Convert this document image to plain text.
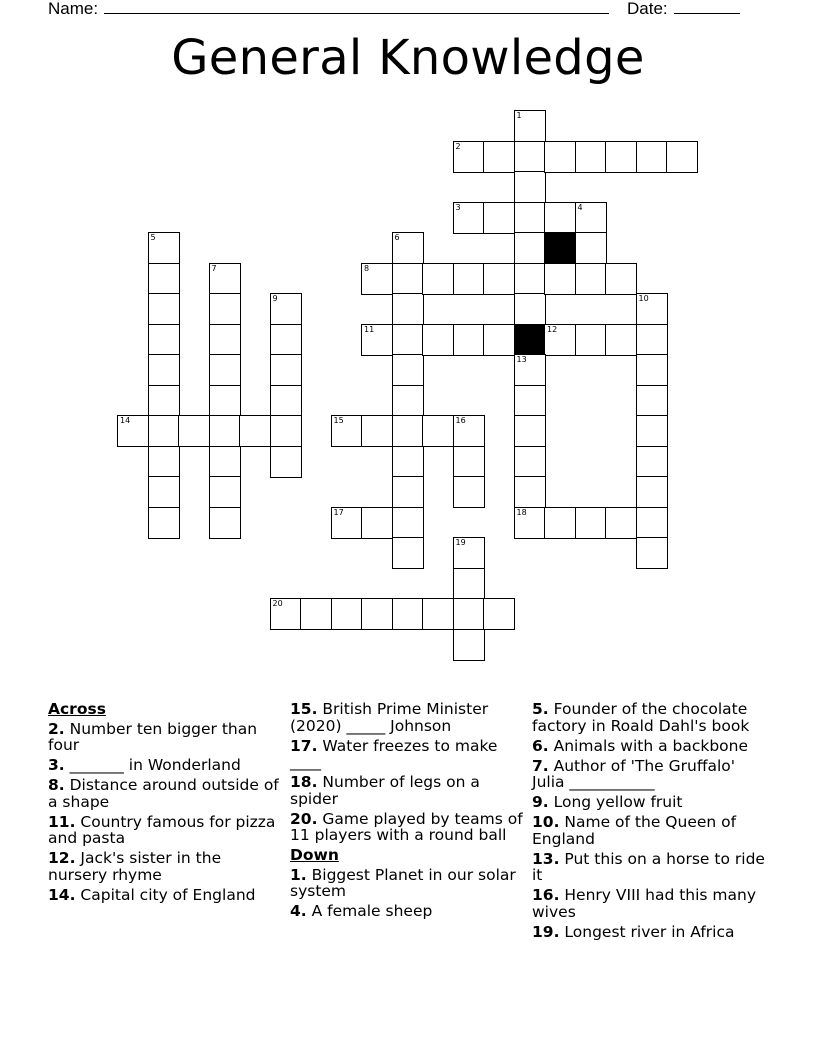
Name:	Date:
General Knowledge
1
2
3	4
5	6
7	8
9	10
11	12
13
18
14	15	16
17
19
20
Across
2. Number ten bigger than four
3. _______ in Wonderland
8. Distance around outside of a shape
11. Country famous for pizza and pasta
12. Jack's sister in the nursery rhyme
14. Capital city of England
15. British Prime Minister (2020) _____ Johnson
17. Water freezes to make ____
18. Number of legs on a spider
20. Game played by teams of 11 players with a round ball
Down
1. Biggest Planet in our solar system
4. A female sheep
5. Founder of the chocolate factory in Roald Dahl's book
6. Animals with a backbone
7. Author of 'The Gruffalo' Julia ___________
9. Long yellow fruit
10. Name of the Queen of England
13. Put this on a horse to ride it
16. Henry VIII had this many wives
19. Longest river in Africa
